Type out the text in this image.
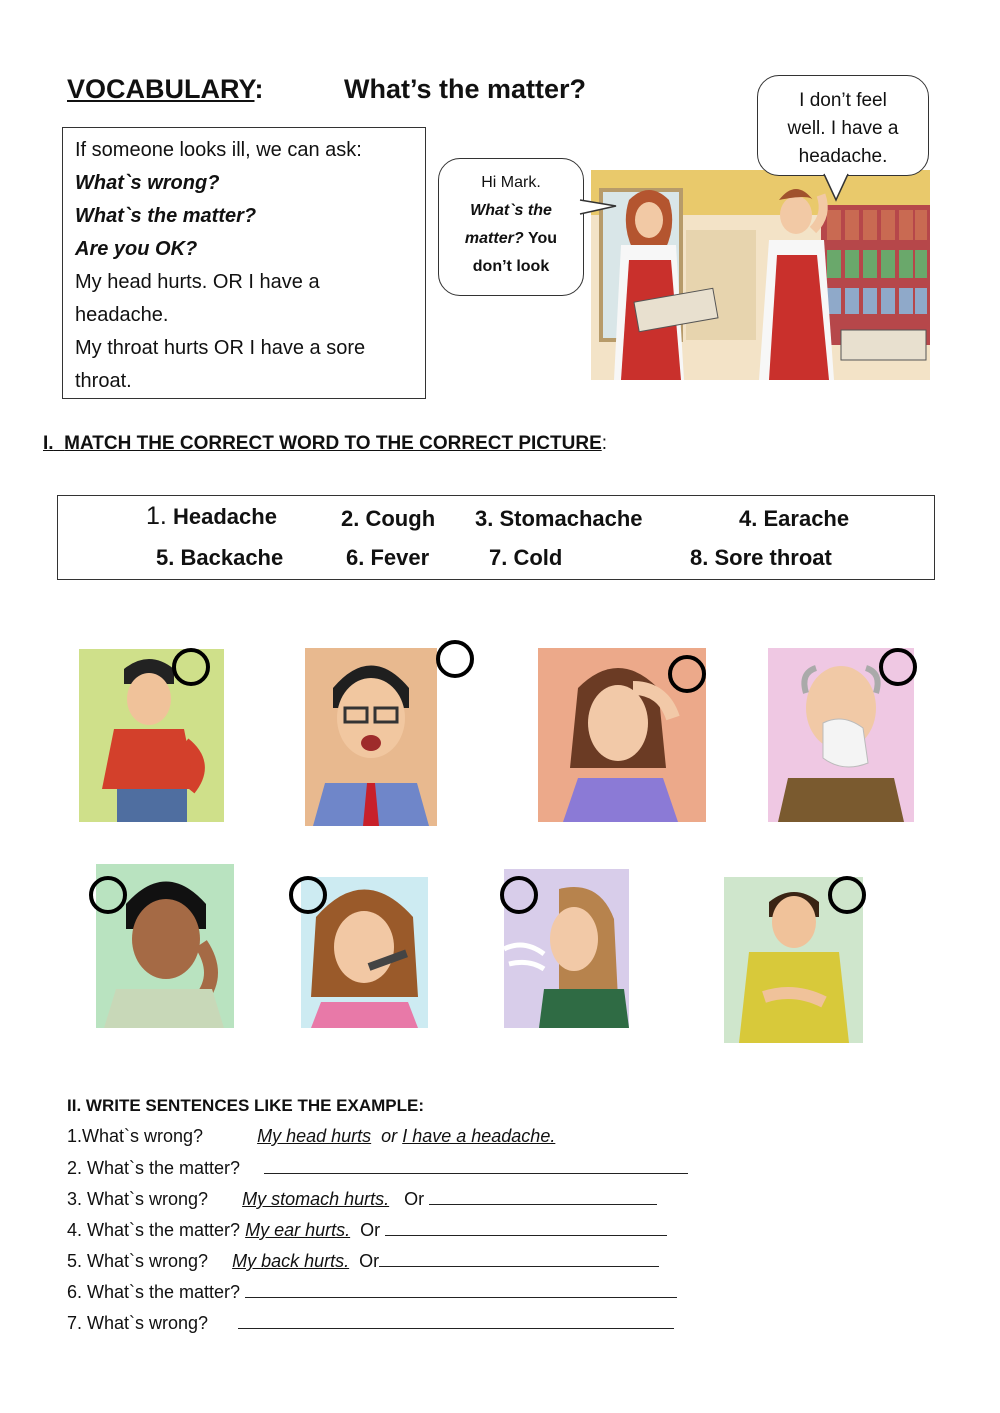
VOCABULARY:	What’s the matter?
If someone looks ill, we can ask:
What`s wrong?
What`s the matter?
Are you OK?
My head hurts. OR I have a
headache.
My throat hurts OR I have a sore
throat.
Hi Mark.
What`s the
matter? You
don’t look
I don’t feel
well. I have a
headache.
I. MATCH THE CORRECT WORD TO THE CORRECT PICTURE:
1. Headache	2. Cough 3. Stomachache	4. Earache
5. Backache	6. Fever	7. Cold	8. Sore throat
II. WRITE SENTENCES LIKE THE EXAMPLE:
1.What`s wrong?	My head hurts or I have a headache.
2. What`s the matter?
3. What`s wrong? My stomach hurts. Or
4. What`s the matter? My ear hurts. Or
5. What`s wrong? My back hurts. Or
6. What`s the matter?
7. What`s wrong?
